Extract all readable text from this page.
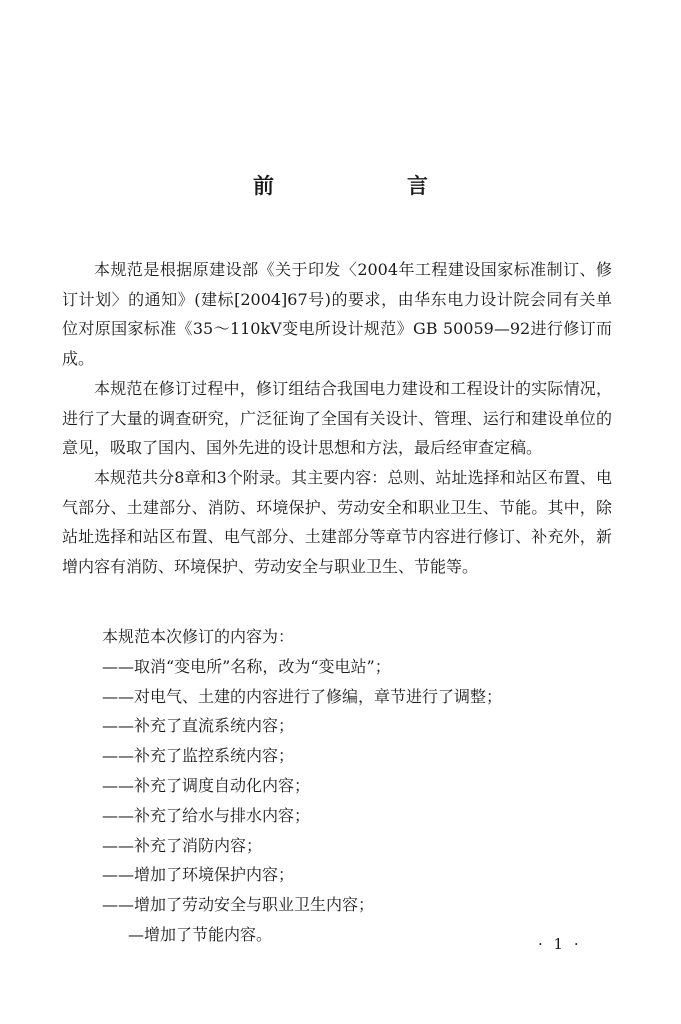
前　言

本规范是根据原建设部《关于印发〈2004年工程建设国家标准制订、修订计划〉的通知》(建标[2004]67号)的要求，由华东电力设计院会同有关单位对原国家标准《35～110kV变电所设计规范》GB 50059—92进行修订而成。

本规范在修订过程中，修订组结合我国电力建设和工程设计的实际情况，进行了大量的调查研究，广泛征询了全国有关设计、管理、运行和建设单位的意见，吸取了国内、国外先进的设计思想和方法，最后经审查定稿。

本规范共分8章和3个附录。其主要内容：总则、站址选择和站区布置、电气部分、土建部分、消防、环境保护、劳动安全和职业卫生、节能。其中，除站址选择和站区布置、电气部分、土建部分等章节内容进行修订、补充外，新增内容有消防、环境保护、劳动安全与职业卫生、节能等。

本规范本次修订的内容为：
——取消“变电所”名称，改为“变电站”；
——对电气、土建的内容进行了修编，章节进行了调整；
——补充了直流系统内容；
——补充了监控系统内容；
——补充了调度自动化内容；
——补充了给水与排水内容；
——补充了消防内容；
——增加了环境保护内容；
——增加了劳动安全与职业卫生内容；
—增加了节能内容。
· 1 ·
